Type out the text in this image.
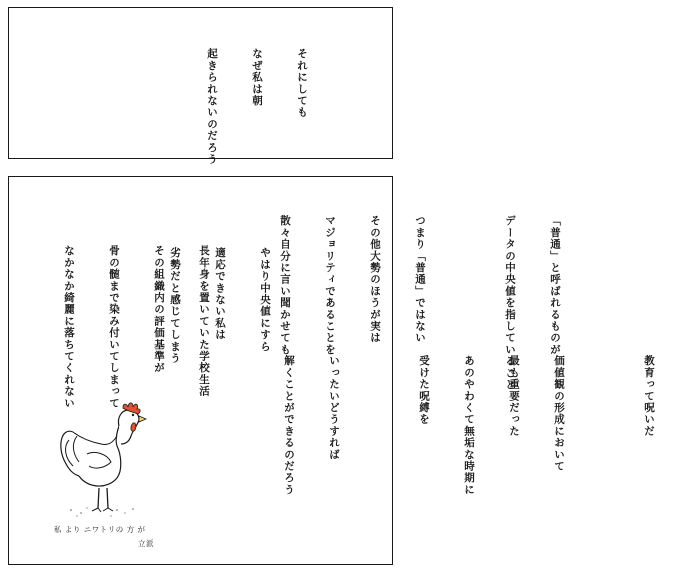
それにしても

なぜ私は朝

起きられないのだろう

「普通」と呼ばれるものが

データの中央値を指していること

つまり「普通」ではない

その他大勢のほうが実は

マジョリティであることを

散々自分に言い聞かせても

やはり中央値にすら

適応できない私は

劣勢だと感じてしまう

長年身を置いていた学校生活

その組織内の評価基準が

骨の髄まで染み付いてしまって

なかなか綺麗に落ちてくれない

	教育って呪いだ

価値観の形成において

最も重要だった

あのやわくて無垢な時期に

受けた呪縛を

いったいどうすれば

解くことができるのだろう

私 より ニワトリの 方 が
立派
